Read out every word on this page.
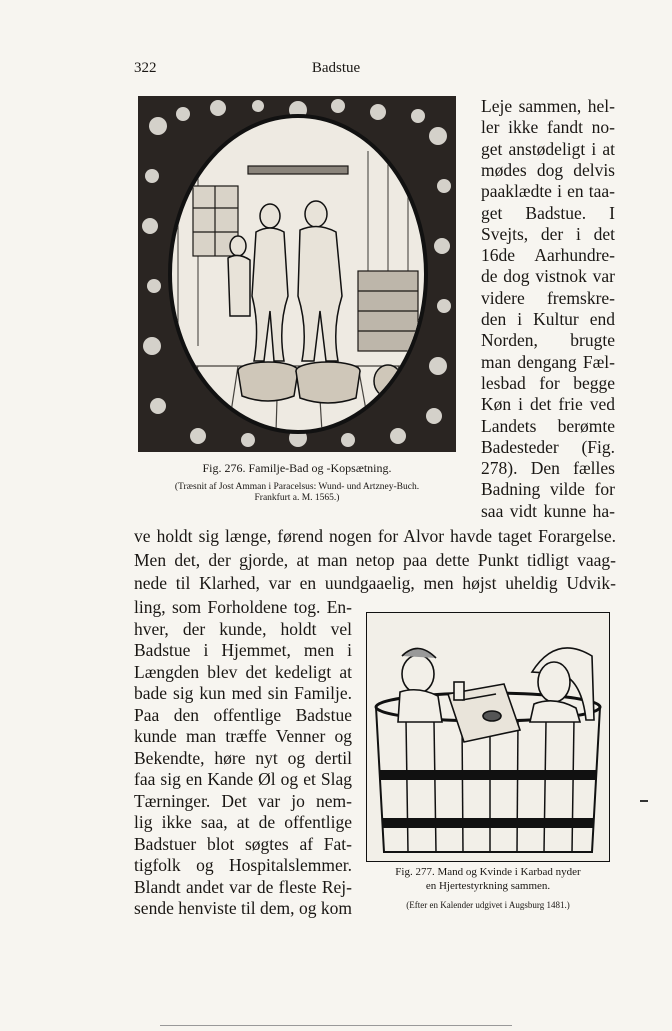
322	Badstue
Fig. 276. Familje-Bad og -Kopsætning.
(Træsnit af Jost Amman i Paracelsus: Wund- und Artzney-Buch.
Frankfurt a. M. 1565.)
Leje sammen, hel-
ler ikke fandt no-
get anstødeligt i at
mødes dog delvis
paaklædte i en taa-
get Badstue. I
Svejts, der i det
16de Aarhundre-
de dog vistnok var
videre fremskre-
den i Kultur end
Norden, brugte
man dengang Fæl-
lesbad for begge
Køn i det frie ved
Landets berømte
Badesteder (Fig.
278). Den fælles
Badning vilde for
saa vidt kunne ha-
ve holdt sig længe, førend nogen for Alvor havde taget Forargelse.
Men det, der gjorde, at man netop paa dette Punkt tidligt vaag-
nede til Klarhed, var en uundgaaelig, men højst uheldig Udvik-
Fig. 277. Mand og Kvinde i Karbad nyder
en Hjertestyrkning sammen.
(Efter en Kalender udgivet i Augsburg 1481.)
ling, som Forholdene tog. En-
hver, der kunde, holdt vel
Badstue i Hjemmet, men i
Længden blev det kedeligt at
bade sig kun med sin Familje.
Paa den offentlige Badstue
kunde man træffe Venner og
Bekendte, høre nyt og dertil
faa sig en Kande Øl og et Slag
Tærninger. Det var jo nem-
lig ikke saa, at de offentlige
Badstuer blot søgtes af Fat-
tigfolk og Hospitalslemmer.
Blandt andet var de fleste Rej-
sende henviste til dem, og kom
